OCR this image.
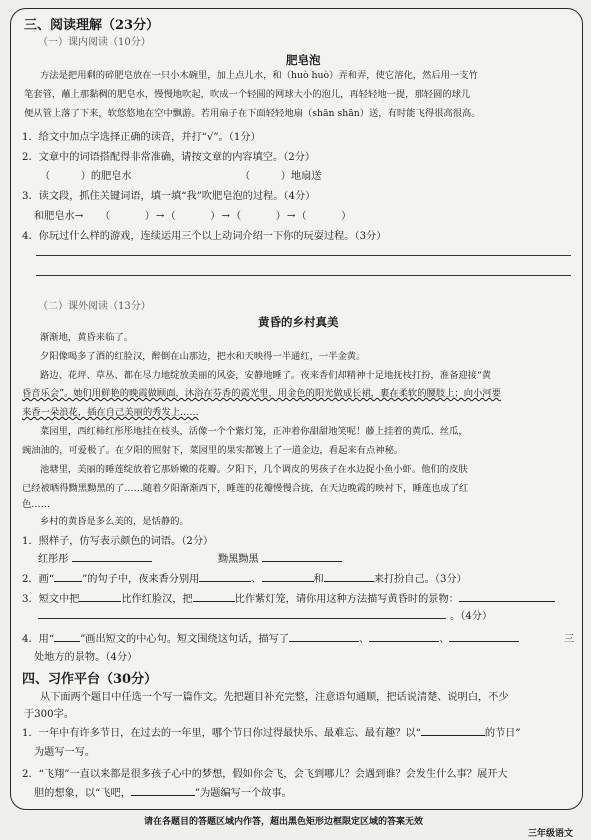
三、阅读理解（23分）
（一）课内阅读（10分）
肥皂泡
方法是把用剩的碎肥皂放在一只小木碗里，加上点儿水，和（huò huò）弄和弄，使它溶化，然后用一支竹
笔套管，蘸上那黏稠的肥皂水，慢慢地吹起，吹成一个轻圆的网球大小的泡儿，再轻轻地一提，那轻圆的球儿
便从管上落了下来，软悠悠地在空中飘游。若用扇子在下面轻轻地扇（shān shān）送，有时能飞得很高很高。
1．给文中加点字选择正确的读音，并打“√”。（1分）
2．文章中的词语搭配得非常准确，请按文章的内容填空。（2分）
（　　　）的肥皂水	（　　　）地扇送
3．读文段，抓住关键词语，填一填“我”吹肥皂泡的过程。（4分）
和肥皂水→ （　　　）→（　　　）→（　　　）→（　　　）
4．你玩过什么样的游戏，连续运用三个以上动词介绍一下你的玩耍过程。（3分）
（二）课外阅读（13分）
黄昏的乡村真美
渐渐地，黄昏来临了。
夕阳像喝多了酒的红脸汉，醉倒在山那边，把水和天映得一半通红，一半金黄。
路边、花坪、草丛、都在尽力地绽放美丽的风姿，安静地睡了。夜来香们却精神十足地抚枝打扮，准备迎接“黄
昏音乐会”。她们用鲜艳的晚霞做顾面，沐浴在芬香的霞光里，用金色的阳光做成长裙，裹在柔软的腰肢上；向小河要
来香一朵浪花，插在自己美丽的秀发上……
菜园里，西红柿红彤彤地挂在枝头，活像一个个紫灯笼，正冲着你甜甜地笑呢！藤上挂着的黄瓜、丝瓜，
豌油油的，可爱极了。在夕阳的照射下，菜园里的果实都镀上了一道金边，看起来有点神秘。
池塘里，美丽的睡莲绽放着它那娇嫩的花瓣。夕阳下，几个调皮的男孩子在水边捉小鱼小虾。他们的皮肤
已经被晒得黝黑黝黑的了……随着夕阳渐渐西下，睡莲的花瓣慢慢合拢，在天边晚霞的映衬下，睡莲也成了红
色……
乡村的黄昏是多么美的，是恬静的。
1．照样子，仿写表示颜色的词语。（2分）
红彤彤	黝黑黝黑
2．画“	”的句子中，夜来香分别用	、	和	来打扮自己。（3分）
3．短文中把	比作红脸汉，把	比作紫灯笼，请你用这种方法描写黄昏时的景物：
。（4分）
4．用“	”画出短文的中心句。短文围绕这句话，描写了	、	、	三
处地方的景物。（4分）
四、习作平台（30分）
从下面两个题目中任选一个写一篇作文。先把题目补充完整，注意语句通顺，把话说清楚、说明白，不少
于300字。
1．一年中有许多节日，在过去的一年里，哪个节日你过得最快乐、最难忘、最有趣？以“	的节日”
为题写一写。
2．“飞翔”一直以来都是很多孩子心中的梦想，假如你会飞，会飞到哪儿？会遇到谁？会发生什么事？展开大
胆的想象，以“飞吧，	”为题编写一个故事。
请在各题目的答题区域内作答，超出黑色矩形边框限定区域的答案无效
三年级语文
